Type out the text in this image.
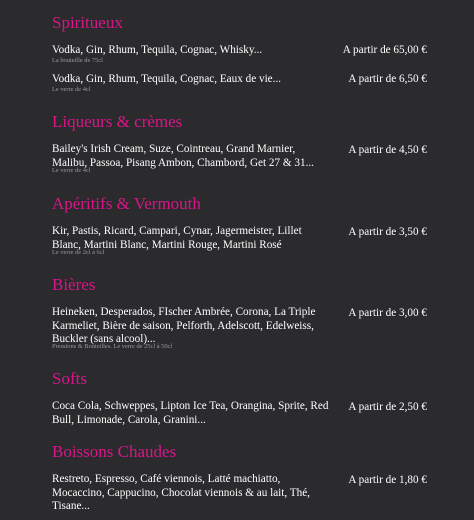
Spiritueux
Vodka, Gin, Rhum, Tequila, Cognac, Whisky...
La bouteille de 75cl
A partir de 65,00 €
Vodka, Gin, Rhum, Tequila, Cognac, Eaux de vie...
Le verre de 4cl
A partir de 6,50 €
Liqueurs & crèmes
Bailey's Irish Cream, Suze, Cointreau, Grand Marnier, Malibu, Passoa, Pisang Ambon, Chambord, Get 27 & 31...
Le verre de 4cl
A partir de 4,50 €
Apéritifs & Vermouth
Kir, Pastis, Ricard, Campari, Cynar, Jagermeister, Lillet Blanc, Martini Blanc, Martini Rouge, Martini Rosé
Le verre de 2cl à 6cl
A partir de 3,50 €
Bières
Heineken, Desperados, FIscher Ambrée, Corona, La Triple Karmeliet, Bière de saison, Pelforth, Adelscott, Edelweiss, Buckler (sans alcool)...
Pressions & Bouteilles. Le verre de 25cl à 50cl
A partir de 3,00 €
Softs
Coca Cola, Schweppes, Lipton Ice Tea, Orangina, Sprite, Red Bull, Limonade, Carola, Granini...
A partir de 2,50 €
Boissons Chaudes
Restreto, Espresso, Café viennois, Latté machiatto, Mocaccino, Cappucino, Chocolat viennois & au lait, Thé, Tisane...
A partir de 1,80 €
